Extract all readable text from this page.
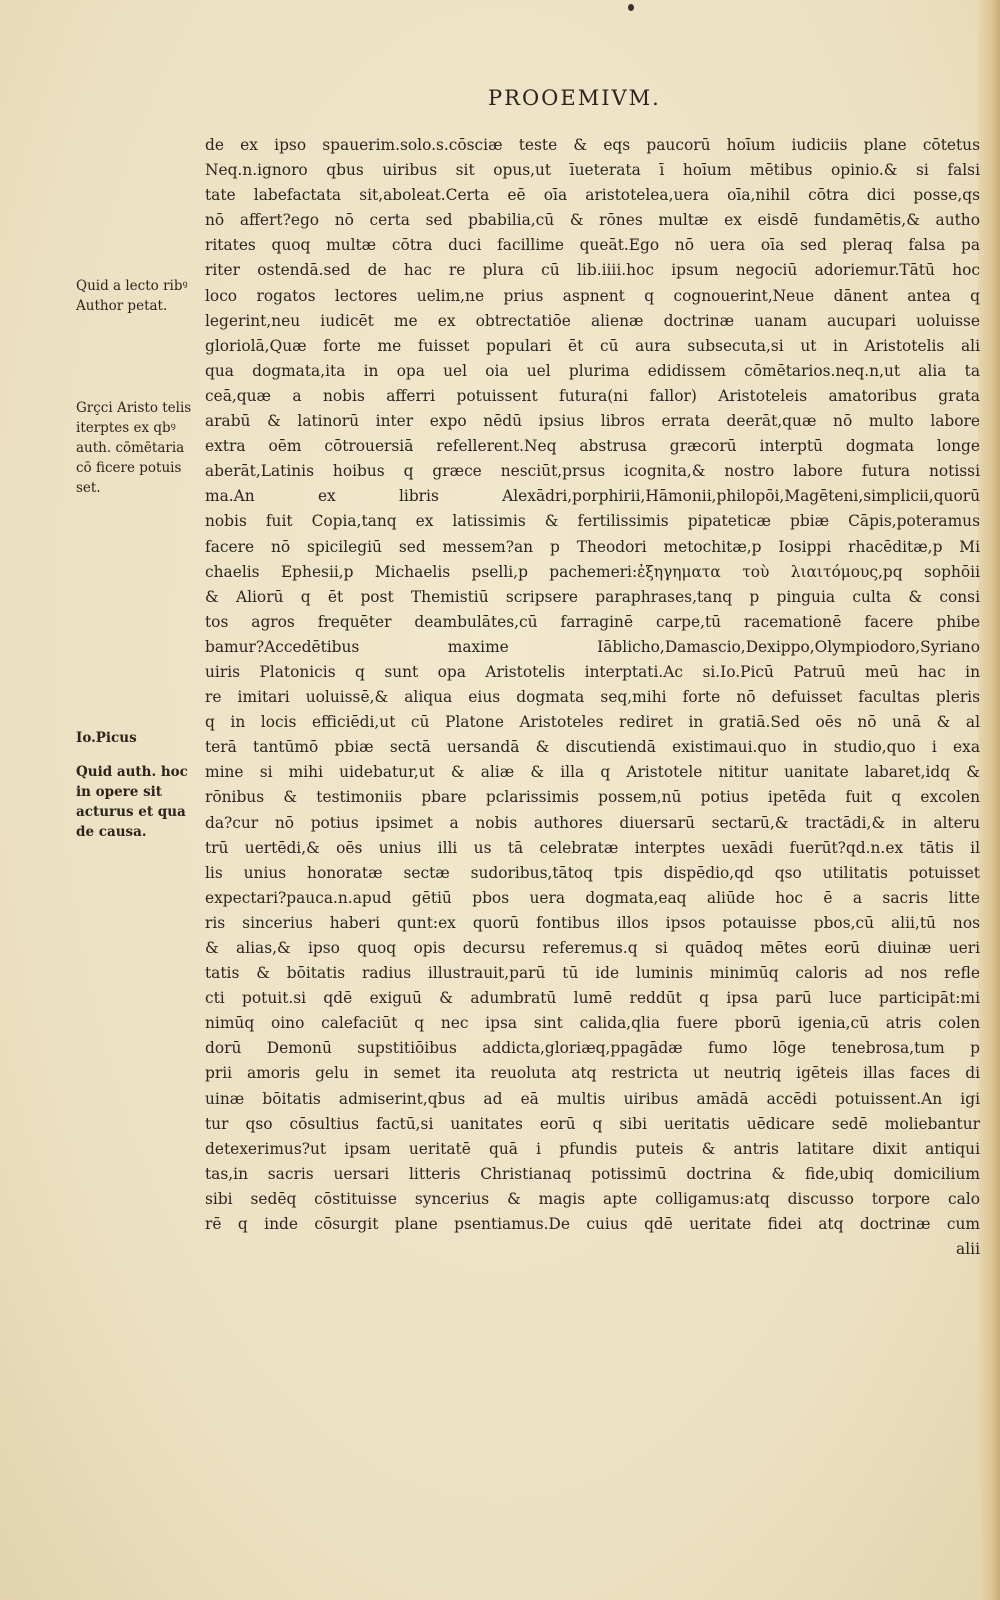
PROOEMIVM.
Quid a lecto ribꝰ Author petat.
Grçci Aristo telis iterptes ex qbꝰ auth. cōmētaria cō ficere potuis set.
Io.Picus
Quid auth. hoc in opere sit acturus et qua de causa.
de ex ipso spauerim.solo.s.cōsciæ teste & eqs paucorū hoīum iudiciis plane cōtetus
Neq.n.ignoro qbus uiribus sit opus,ut īueterata ī hoīum mētibus opinio.& si falsi
tate labefactata sit,aboleat.Certa eē oīa aristotelea,uera oīa,nihil cōtra dici posse,qs
nō affert?ego nō certa sed pbabilia,cū & rōnes multæ ex eisdē fundamētis,& autho
ritates quoq multæ cōtra duci facillime queāt.Ego nō uera oīa sed pleraq falsa pa
riter ostendā.sed de hac re plura cū lib.iiii.hoc ipsum negociū adoriemur.Tātū hoc
loco rogatos lectores uelim,ne prius aspnent q cognouerint,Neue dānent antea q
legerint,neu iudicēt me ex obtrectatiōe alienæ doctrinæ uanam aucupari uoluisse
gloriolā,Quæ forte me fuisset populari ēt cū aura subsecuta,si ut in Aristotelis ali
qua dogmata,ita in opa uel oia uel plurima edidissem cōmētarios.neq.n,ut alia ta
ceā,quæ a nobis afferri potuissent futura(ni fallor) Aristoteleis amatoribus grata
arabū & latinorū inter expo nēdū ipsius libros errata deerāt,quæ nō multo labore
extra oēm cōtrouersiā refellerent.Neq abstrusa græcorū interptū dogmata longe
aberāt,Latinis hoibus q græce nesciūt,prsus icognita,& nostro labore futura notissi
ma.An ex libris Alexādri,porphirii,Hāmonii,philopōi,Magēteni,simplicii,quorū
nobis fuit Copia,tanq ex latissimis & fertilissimis pipateticæ pbiæ Cāpis,poteramus
facere nō spicilegiū sed messem?an p Theodori metochitæ,p Iosippi rhacēditæ,p Mi
chaelis Ephesii,p Michaelis pselli,p pachemeri:ἐξηγηματα τοὺ λιαιτόμους,pq sophōii
& Aliorū q ēt post Themistiū scripsere paraphrases,tanq p pinguia culta & consi
tos agros frequēter deambulātes,cū farraginē carpe,tū racemationē facere phibe
bamur?Accedētibus maxime Iāblicho,Damascio,Dexippo,Olympiodoro,Syriano
uiris Platonicis q sunt opa Aristotelis interptati.Ac si.Io.Picū Patruū meū hac in
re imitari uoluissē,& aliqua eius dogmata seq,mihi forte nō defuisset facultas pleris
q in locis efficiēdi,ut cū Platone Aristoteles rediret in gratiā.Sed oēs nō unā & al
terā tantūmō pbiæ sectā uersandā & discutiendā existimaui.quo in studio,quo i exa
mine si mihi uidebatur,ut & aliæ & illa q Aristotele nititur uanitate labaret,idq &
rōnibus & testimoniis pbare pclarissimis possem,nū potius ipetēda fuit q excolen
da?cur nō potius ipsimet a nobis authores diuersarū sectarū,& tractādi,& in alteru
trū uertēdi,& oēs unius illi us tā celebratæ interptes uexādi fuerūt?qd.n.ex tātis il
lis unius honoratæ sectæ sudoribus,tātoq tpis dispēdio,qd qso utilitatis potuisset
expectari?pauca.n.apud gētiū pbos uera dogmata,eaq aliūde hoc ē a sacris litte
ris sincerius haberi qunt:ex quorū fontibus illos ipsos potauisse pbos,cū alii,tū nos
& alias,& ipso quoq opis decursu referemus.q si quādoq mētes eorū diuinæ ueri
tatis & bōitatis radius illustrauit,parū tū ide luminis minimūq caloris ad nos refle
cti potuit.si qdē exiguū & adumbratū lumē reddūt q ipsa parū luce participāt:mi
nimūq oino calefaciūt q nec ipsa sint calida,qlia fuere pborū igenia,cū atris colen
dorū Demonū supstitiōibus addicta,gloriæq,ppagādæ fumo lōge tenebrosa,tum p
prii amoris gelu in semet ita reuoluta atq restricta ut neutriq igēteis illas faces di
uinæ bōitatis admiserint,qbus ad eā multis uiribus amādā accēdi potuissent.An igi
tur qso cōsultius factū,si uanitates eorū q sibi ueritatis uēdicare sedē moliebantur
detexerimus?ut ipsam ueritatē quā i pfundis puteis & antris latitare dixit antiqui
tas,in sacris uersari litteris Christianaq potissimū doctrina & fide,ubiq domicilium
sibi sedēq cōstituisse syncerius & magis apte colligamus:atq discusso torpore calo
rē q inde cōsurgit plane psentiamus.De cuius qdē ueritate fidei atq doctrinæ cum
alii
